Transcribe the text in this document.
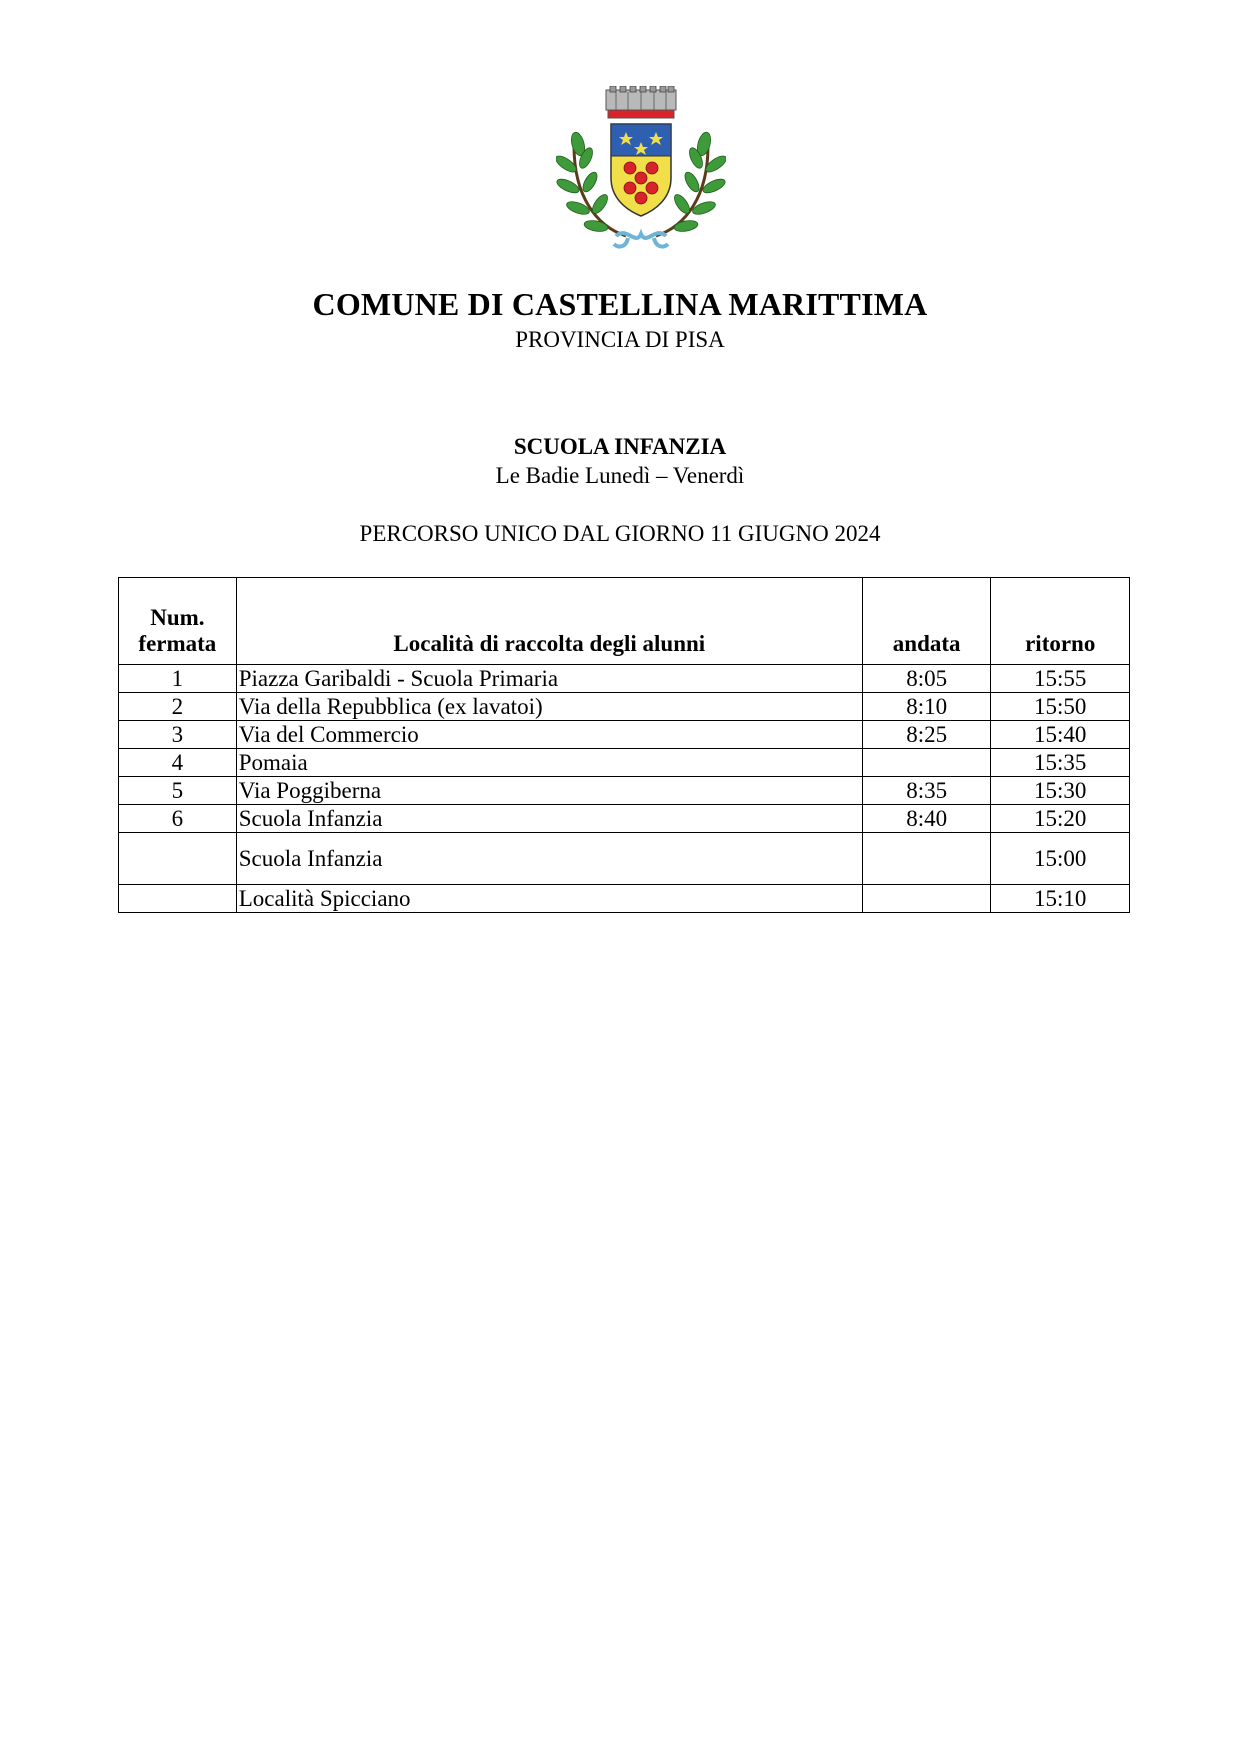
COMUNE DI CASTELLINA MARITTIMA
PROVINCIA DI PISA
SCUOLA INFANZIA
Le Badie Lunedì – Venerdì
PERCORSO UNICO DAL GIORNO 11 GIUGNO 2024
Num.
fermata	Località di raccolta degli alunni	andata	ritorno
1	Piazza Garibaldi - Scuola Primaria	8:05	15:55
2	Via della Repubblica (ex lavatoi)	8:10	15:50
3	Via del Commercio	8:25	15:40
4	Pomaia		15:35
5	Via Poggiberna	8:35	15:30
6	Scuola Infanzia	8:40	15:20
	Scuola Infanzia		15:00
	Località Spicciano		15:10
